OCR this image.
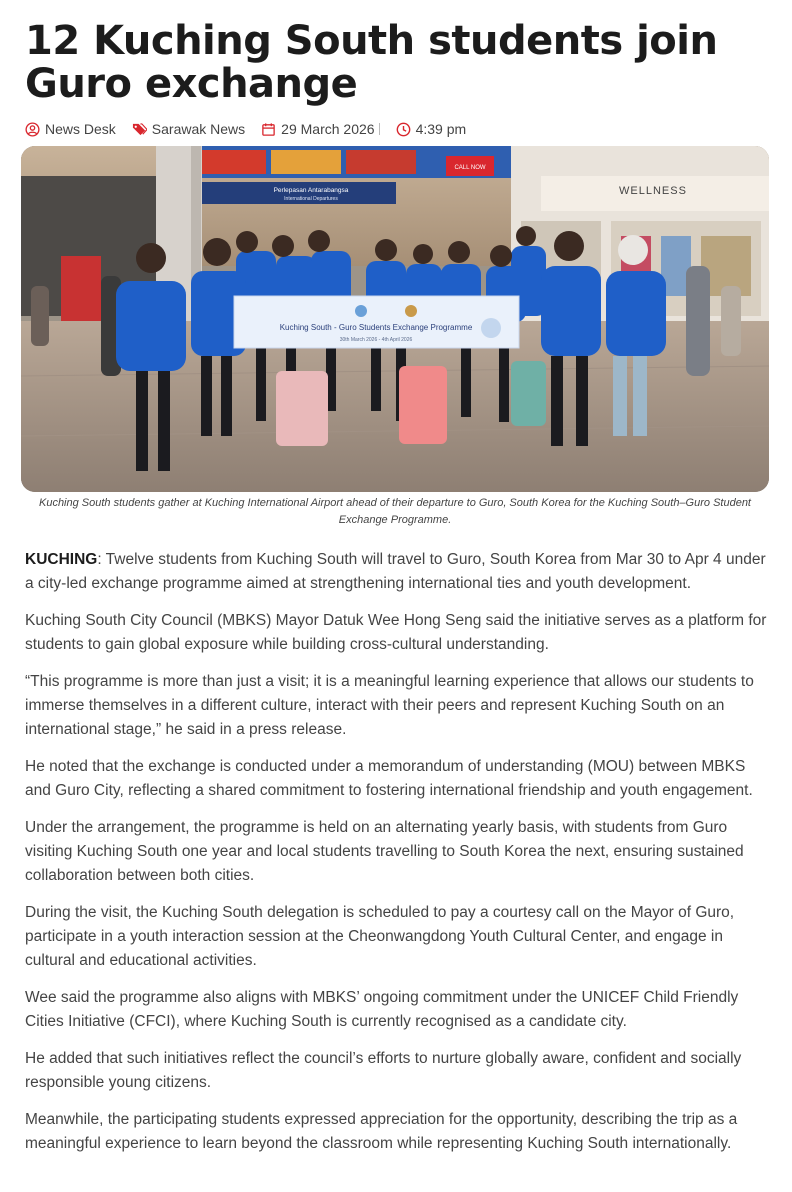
12 Kuching South students join Guro exchange
News Desk	Sarawak News	29 March 2026	4:39 pm
CALL NOW
Perlepasan Antarabangsa
International Departures
WELLNESS
Kuching South - Guro Students Exchange Programme
30th March 2026 - 4th April 2026
Kuching South students gather at Kuching International Airport ahead of their departure to Guro, South Korea for the Kuching South–Guro Student Exchange Programme.

KUCHING: Twelve students from Kuching South will travel to Guro, South Korea from Mar 30 to Apr 4 under a city-led exchange programme aimed at strengthening international ties and youth development.

Kuching South City Council (MBKS) Mayor Datuk Wee Hong Seng said the initiative serves as a platform for students to gain global exposure while building cross-cultural understanding.

“This programme is more than just a visit; it is a meaningful learning experience that allows our students to immerse themselves in a different culture, interact with their peers and represent Kuching South on an international stage,” he said in a press release.

He noted that the exchange is conducted under a memorandum of understanding (MOU) between MBKS and Guro City, reflecting a shared commitment to fostering international friendship and youth engagement.

Under the arrangement, the programme is held on an alternating yearly basis, with students from Guro visiting Kuching South one year and local students travelling to South Korea the next, ensuring sustained collaboration between both cities.

During the visit, the Kuching South delegation is scheduled to pay a courtesy call on the Mayor of Guro, participate in a youth interaction session at the Cheonwangdong Youth Cultural Center, and engage in cultural and educational activities.

Wee said the programme also aligns with MBKS’ ongoing commitment under the UNICEF Child Friendly Cities Initiative (CFCI), where Kuching South is currently recognised as a candidate city.

He added that such initiatives reflect the council’s efforts to nurture globally aware, confident and socially responsible young citizens.

Meanwhile, the participating students expressed appreciation for the opportunity, describing the trip as a meaningful experience to learn beyond the classroom while representing Kuching South internationally.
